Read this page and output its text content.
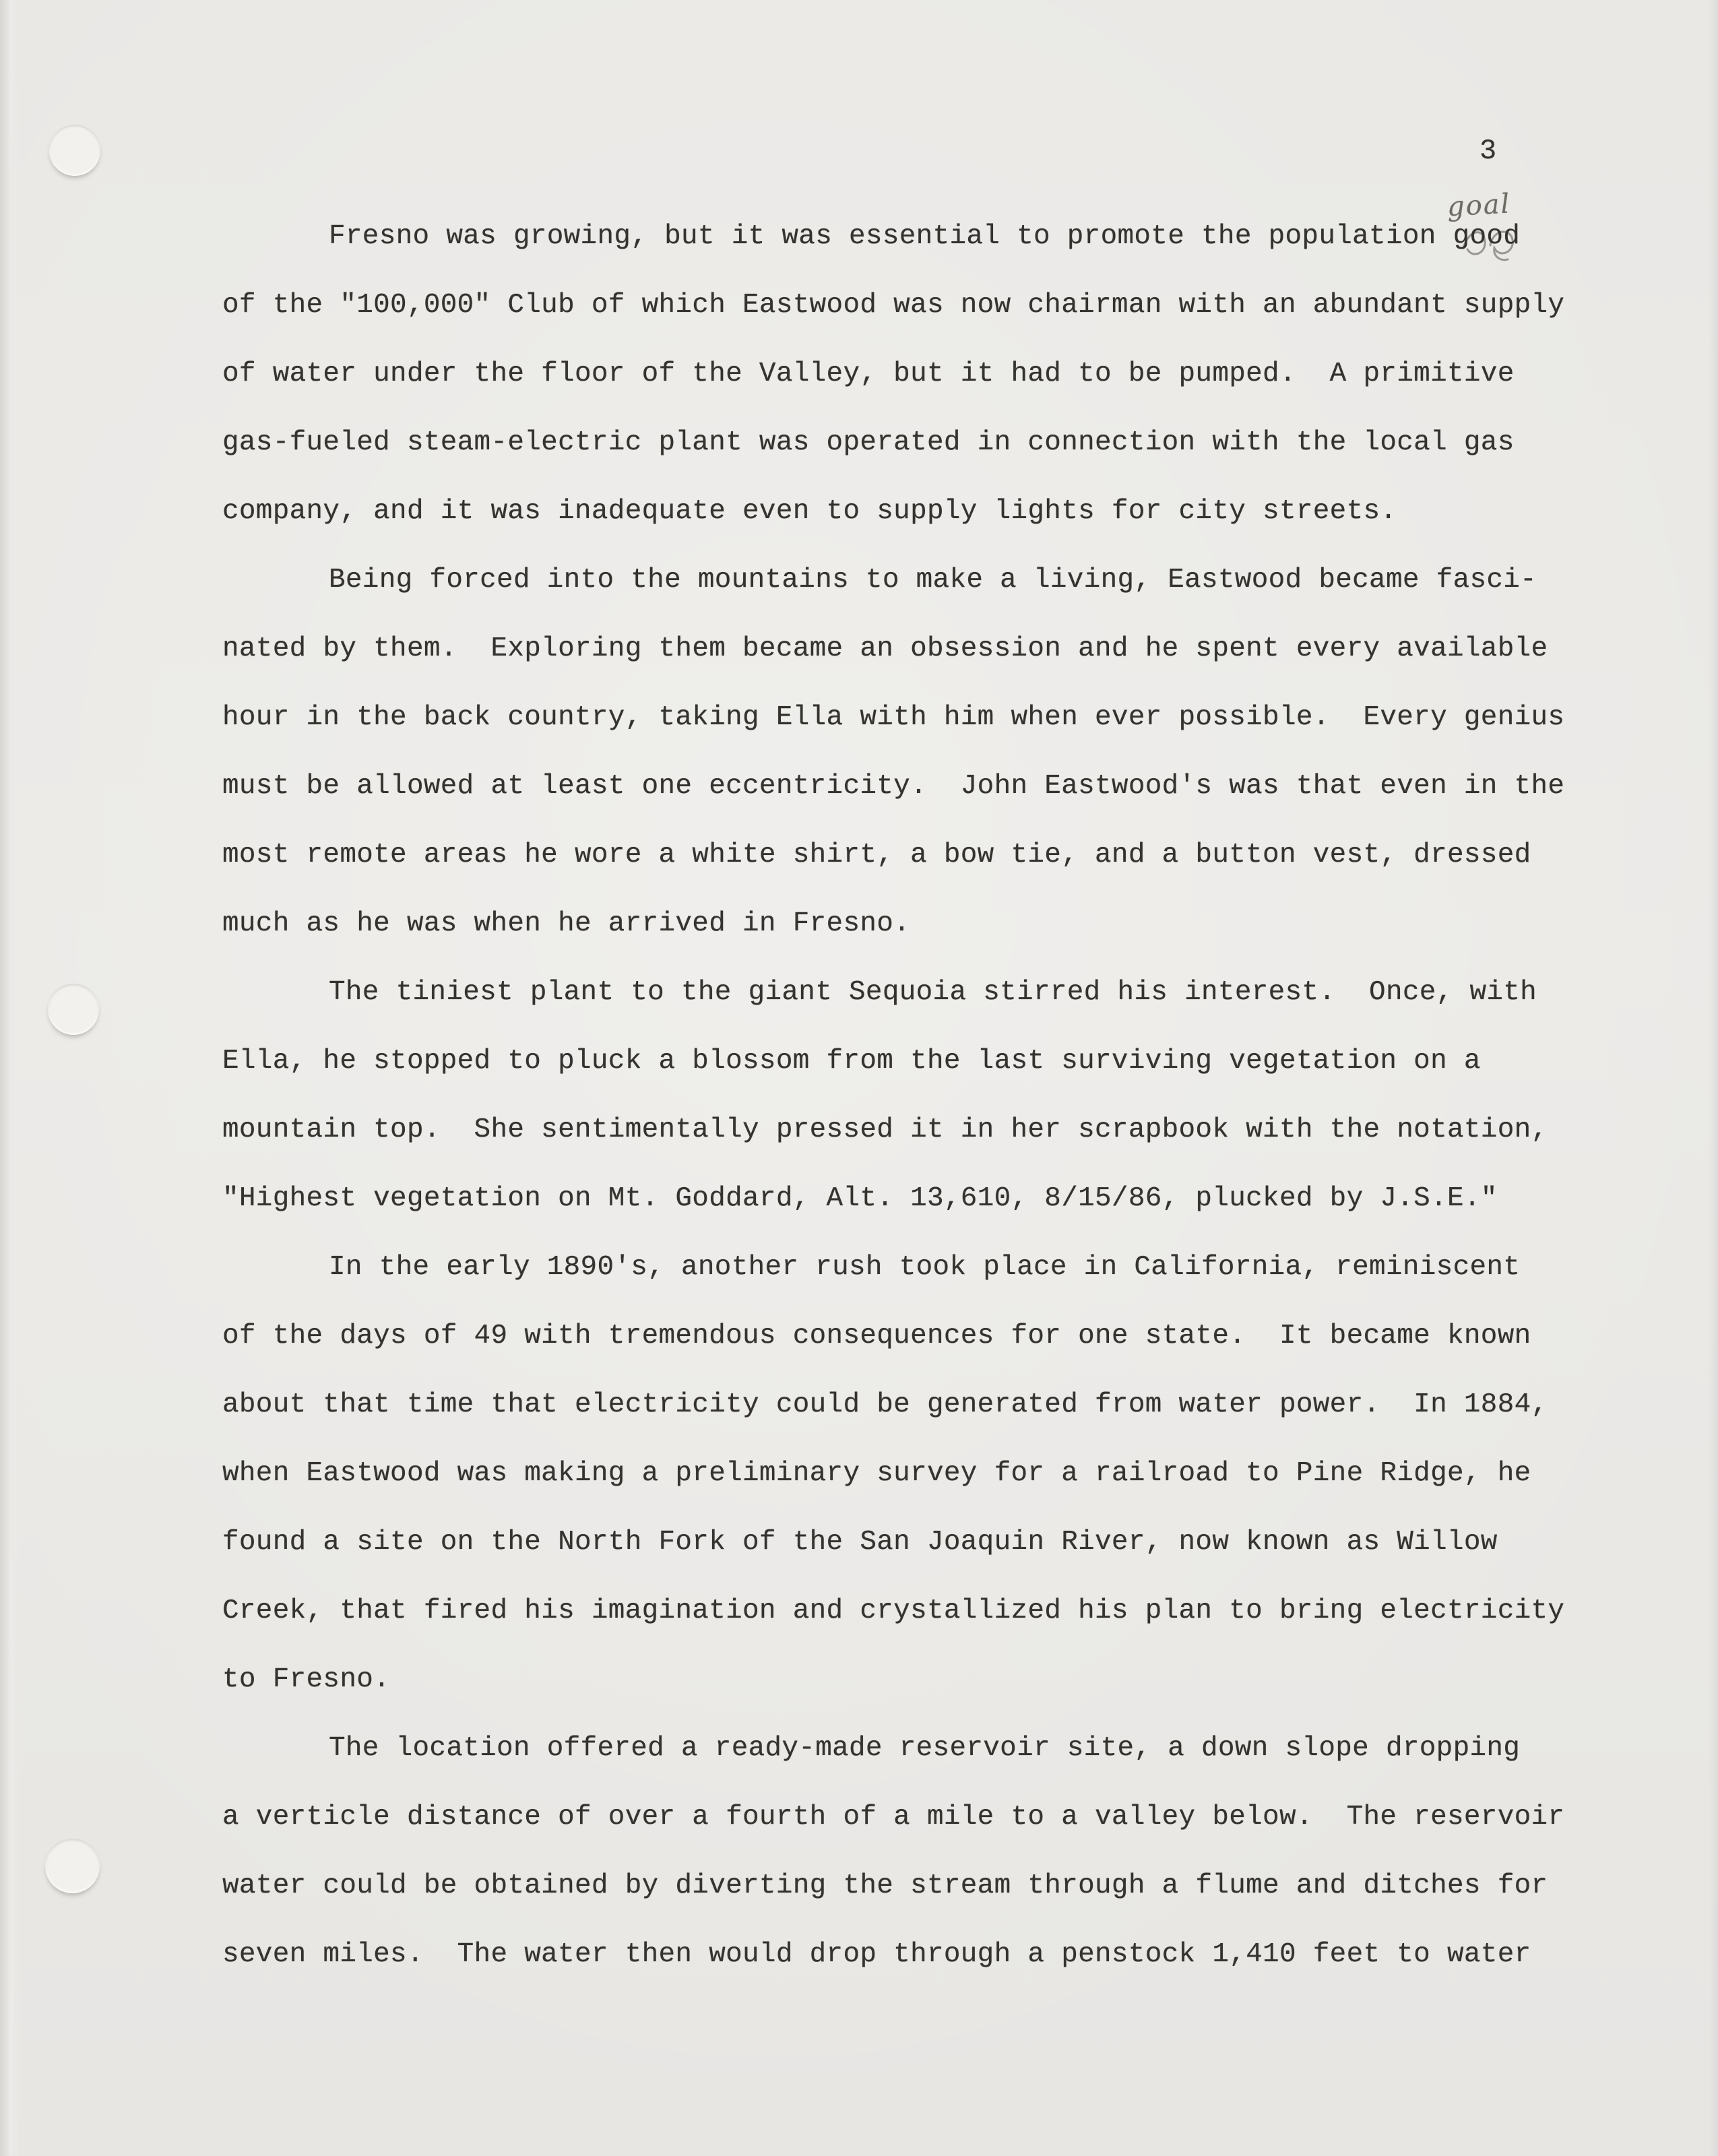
3
goal
Fresno was growing, but it was essential to promote the population good
of the "100,000" Club of which Eastwood was now chairman with an abundant supply
of water under the floor of the Valley, but it had to be pumped.  A primitive
gas-fueled steam-electric plant was operated in connection with the local gas
company, and it was inadequate even to supply lights for city streets.
Being forced into the mountains to make a living, Eastwood became fasci-
nated by them.  Exploring them became an obsession and he spent every available
hour in the back country, taking Ella with him when ever possible.  Every genius
must be allowed at least one eccentricity.  John Eastwood's was that even in the
most remote areas he wore a white shirt, a bow tie, and a button vest, dressed
much as he was when he arrived in Fresno.
The tiniest plant to the giant Sequoia stirred his interest.  Once, with
Ella, he stopped to pluck a blossom from the last surviving vegetation on a
mountain top.  She sentimentally pressed it in her scrapbook with the notation,
"Highest vegetation on Mt. Goddard, Alt. 13,610, 8/15/86, plucked by J.S.E."
In the early 1890's, another rush took place in California, reminiscent
of the days of 49 with tremendous consequences for one state.  It became known
about that time that electricity could be generated from water power.  In 1884,
when Eastwood was making a preliminary survey for a railroad to Pine Ridge, he
found a site on the North Fork of the San Joaquin River, now known as Willow
Creek, that fired his imagination and crystallized his plan to bring electricity
to Fresno.
The location offered a ready-made reservoir site, a down slope dropping
a verticle distance of over a fourth of a mile to a valley below.  The reservoir
water could be obtained by diverting the stream through a flume and ditches for
seven miles.  The water then would drop through a penstock 1,410 feet to water
